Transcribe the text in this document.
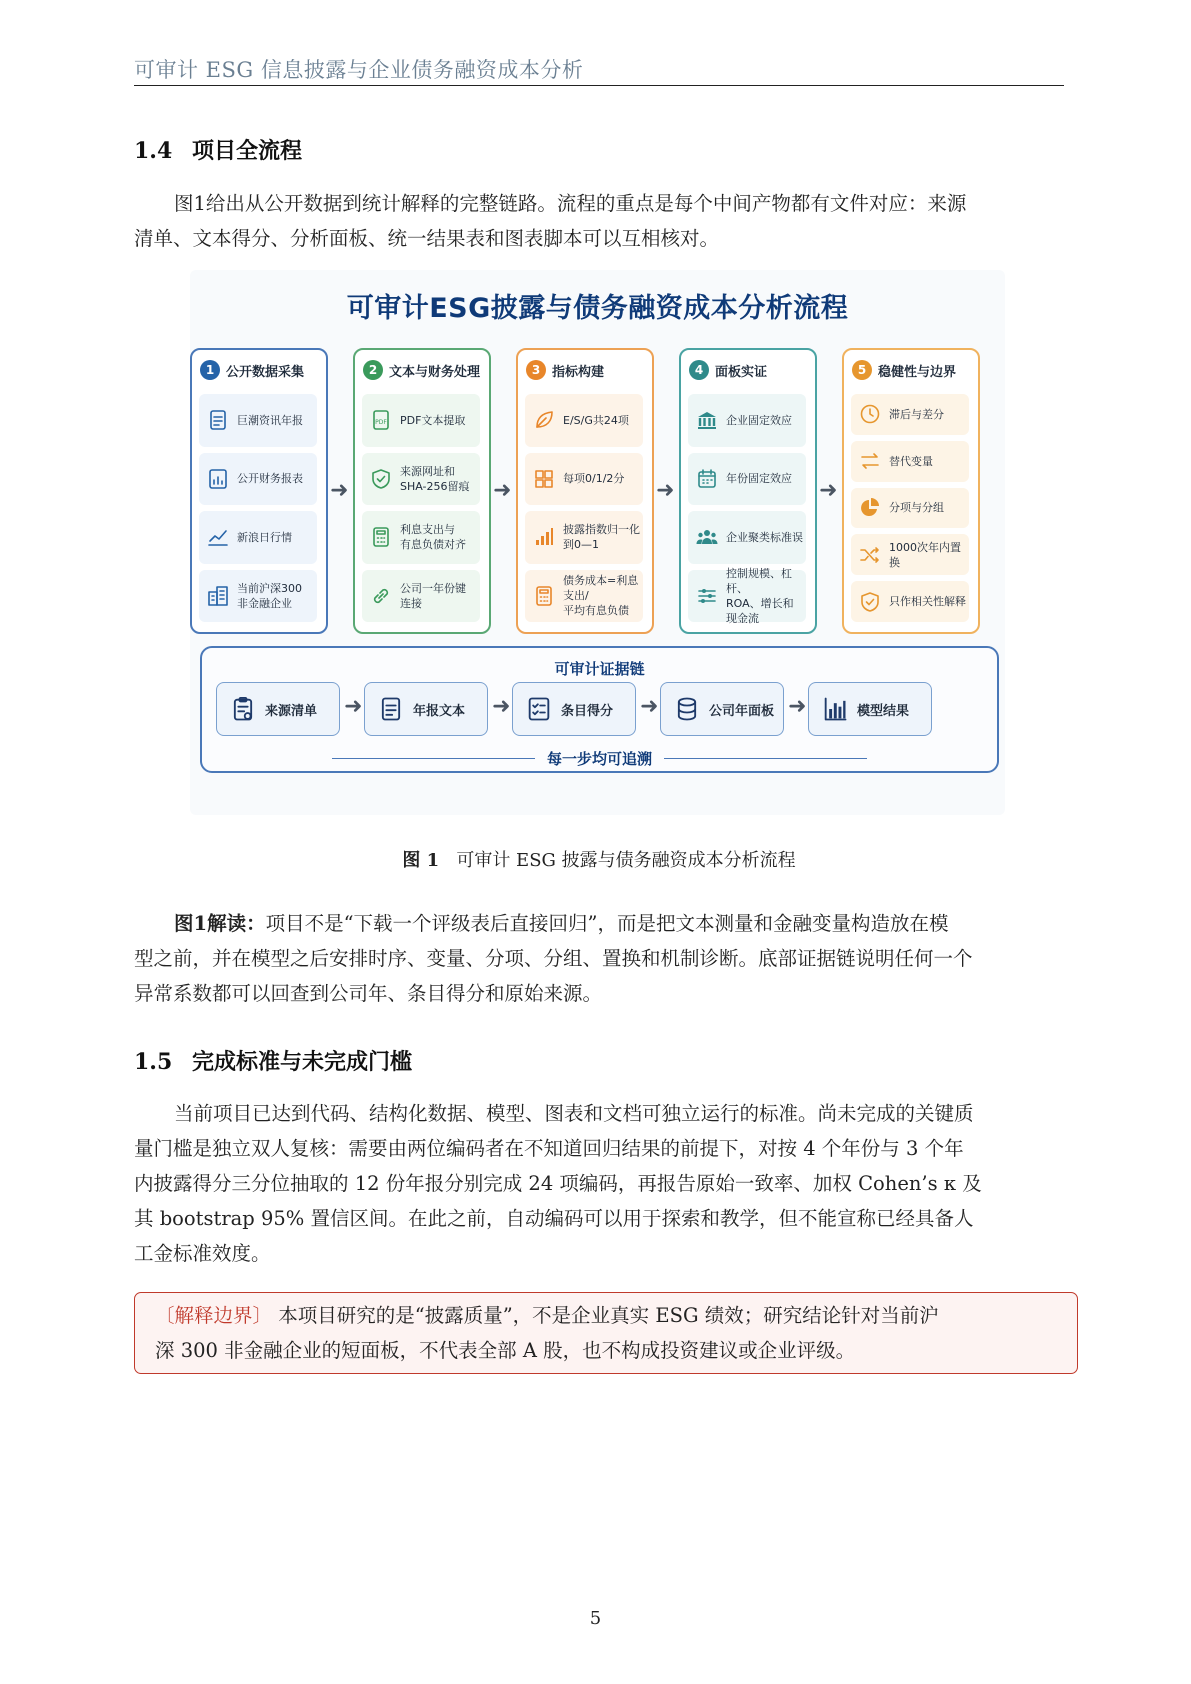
可审计 ESG 信息披露与企业债务融资成本分析
1.4 项目全流程
图1给出从公开数据到统计解释的完整链路。流程的重点是每个中间产物都有文件对应：来源
清单、文本得分、分析面板、统一结果表和图表脚本可以互相核对。
可审计ESG披露与债务融资成本分析流程
1 公开数据采集
巨潮资讯年报
公开财务报表
新浪日行情
当前沪深300
非金融企业
➜
2 文本与财务处理
PDF PDF文本提取
来源网址和
SHA-256留痕
利息支出与
有息负债对齐
公司一年份键
连接
➜
3 指标构建
E/S/G共24项
每项0/1/2分
披露指数归一化
到0—1
债务成本=利息支出/
平均有息负债
➜
4 面板实证
企业固定效应
年份固定效应
企业聚类标准误
控制规模、杠杆、
ROA、增长和
现金流
➜
5 稳健性与边界
滞后与差分
替代变量
分项与分组
1000次年内置换
只作相关性解释
可审计证据链
来源清单 ➜	年报文本 ➜	条目得分 ➜	公司年面板 ➜	模型结果
每一步均可追溯
图 1 可审计 ESG 披露与债务融资成本分析流程
图1解读：项目不是“下载一个评级表后直接回归”，而是把文本测量和金融变量构造放在模
型之前，并在模型之后安排时序、变量、分项、分组、置换和机制诊断。底部证据链说明任何一个
异常系数都可以回查到公司年、条目得分和原始来源。
1.5 完成标准与未完成门槛
当前项目已达到代码、结构化数据、模型、图表和文档可独立运行的标准。尚未完成的关键质
量门槛是独立双人复核：需要由两位编码者在不知道回归结果的前提下，对按 4 个年份与 3 个年
内披露得分三分位抽取的 12 份年报分别完成 24 项编码，再报告原始一致率、加权 Cohen’s κ 及
其 bootstrap 95% 置信区间。在此之前，自动编码可以用于探索和教学，但不能宣称已经具备人
工金标准效度。
〔解释边界〕 本项目研究的是“披露质量”，不是企业真实 ESG 绩效；研究结论针对当前沪
深 300 非金融企业的短面板，不代表全部 A 股，也不构成投资建议或企业评级。
5
